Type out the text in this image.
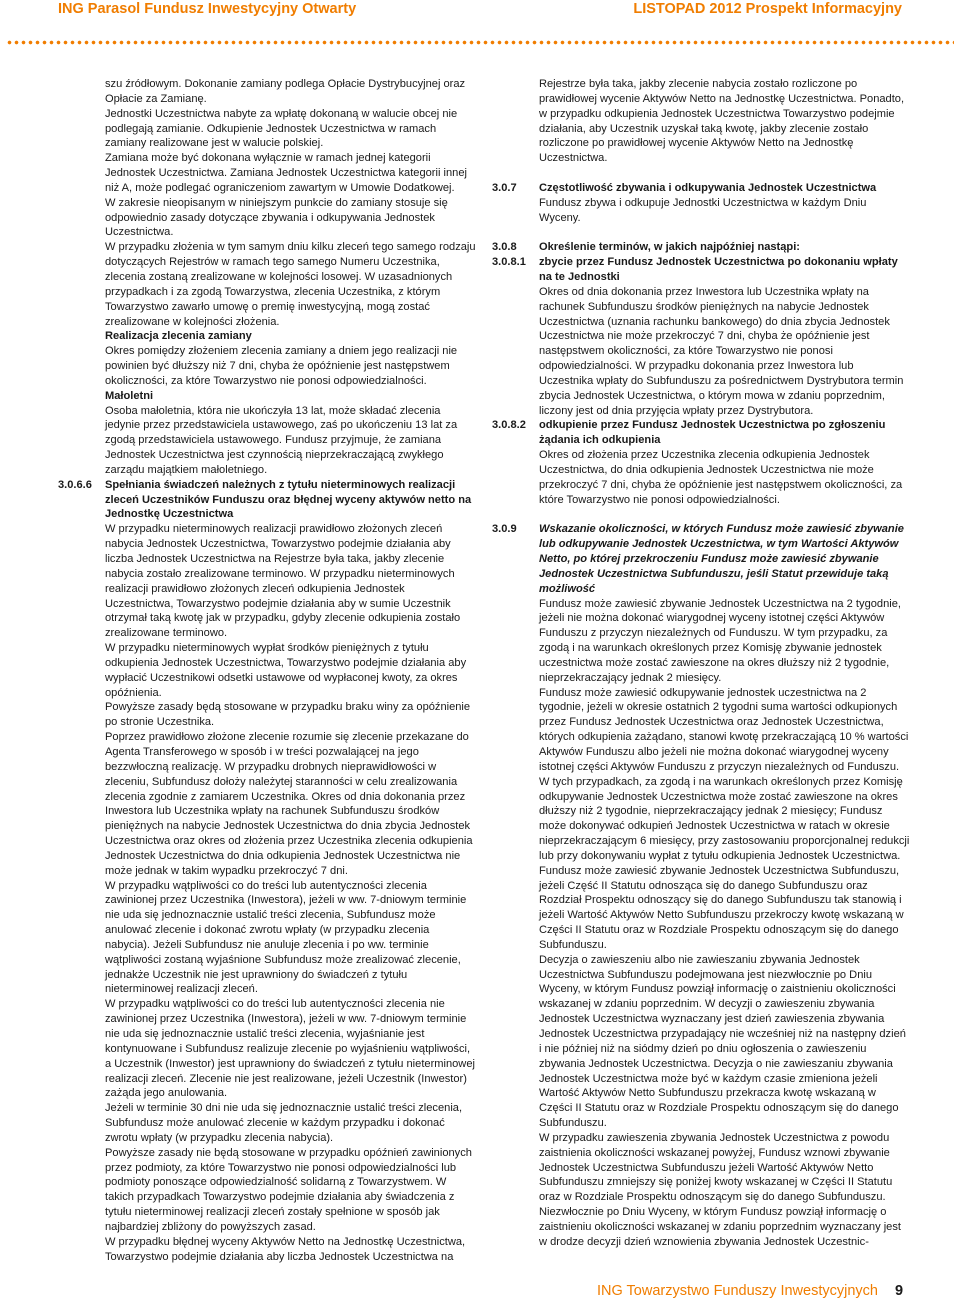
ING Parasol Fundusz Inwestycyjny Otwarty	LISTOPAD 2012 Prospekt Informacyjny
szu źródłowym. Dokonanie zamiany podlega Opłacie Dystrybucyjnej oraz Opłacie za Zamianę.
Jednostki Uczestnictwa nabyte za wpłatę dokonaną w walucie obcej nie podlegają zamianie. Odkupienie Jednostek Uczestnictwa w ramach zamiany realizowane jest w walucie polskiej.
Zamiana może być dokonana wyłącznie w ramach jednej kategorii Jednostek Uczestnictwa. Zamiana Jednostek Uczestnictwa kategorii innej niż A, może podlegać ograniczeniom zawartym w Umowie Dodatkowej.
W zakresie nieopisanym w niniejszym punkcie do zamiany stosuje się odpowiednio zasady dotyczące zbywania i odkupywania Jednostek Uczestnictwa.
W przypadku złożenia w tym samym dniu kilku zleceń tego samego rodzaju dotyczących Rejestrów w ramach tego samego Numeru Uczestnika, zlecenia zostaną zrealizowane w kolejności losowej. W uzasadnionych przypadkach i za zgodą Towarzystwa, zlecenia Uczestnika, z którym Towarzystwo zawarło umowę o premię inwestycyjną, mogą zostać zrealizowane w kolejności złożenia.
Realizacja zlecenia zamiany
Okres pomiędzy złożeniem zlecenia zamiany a dniem jego realizacji nie powinien być dłuższy niż 7 dni, chyba że opóźnienie jest następstwem okoliczności, za które Towarzystwo nie ponosi odpowiedzialności.
Małoletni
Osoba małoletnia, która nie ukończyła 13 lat, może składać zlecenia jedynie przez przedstawiciela ustawowego, zaś po ukończeniu 13 lat za zgodą przedstawiciela ustawowego. Fundusz przyjmuje, że zamiana Jednostek Uczestnictwa jest czynnością nieprzekraczającą zwykłego zarządu majątkiem małoletniego.
3.0.6.6 Spełniania świadczeń należnych z tytułu nieterminowych realizacji zleceń Uczestników Funduszu oraz błędnej wyceny aktywów netto na Jednostkę Uczestnictwa
W przypadku nieterminowych realizacji prawidłowo złożonych zleceń nabycia Jednostek Uczestnictwa, Towarzystwo podejmie działania aby liczba Jednostek Uczestnictwa na Rejestrze była taka, jakby zlecenie nabycia zostało zrealizowane terminowo. W przypadku nieterminowych realizacji prawidłowo złożonych zleceń odkupienia Jednostek Uczestnictwa, Towarzystwo podejmie działania aby w sumie Uczestnik otrzymał taką kwotę jak w przypadku, gdyby zlecenie odkupienia zostało zrealizowane terminowo.
W przypadku nieterminowych wypłat środków pieniężnych z tytułu odkupienia Jednostek Uczestnictwa, Towarzystwo podejmie działania aby wypłacić Uczestnikowi odsetki ustawowe od wypłaconej kwoty, za okres opóźnienia.
Powyższe zasady będą stosowane w przypadku braku winy za opóźnienie po stronie Uczestnika.
Poprzez prawidłowo złożone zlecenie rozumie się zlecenie przekazane do Agenta Transferowego w sposób i w treści pozwalającej na jego bezzwłoczną realizację. W przypadku drobnych nieprawidłowości w zleceniu, Subfundusz dołoży należytej staranności w celu zrealizowania zlecenia zgodnie z zamiarem Uczestnika. Okres od dnia dokonania przez Inwestora lub Uczestnika wpłaty na rachunek Subfunduszu środków pieniężnych na nabycie Jednostek Uczestnictwa do dnia zbycia Jednostek Uczestnictwa oraz okres od złożenia przez Uczestnika zlecenia odkupienia Jednostek Uczestnictwa do dnia odkupienia Jednostek Uczestnictwa nie może jednak w takim wypadku przekroczyć 7 dni.
W przypadku wątpliwości co do treści lub autentyczności zlecenia zawinionej przez Uczestnika (Inwestora), jeżeli w ww. 7-dniowym terminie nie uda się jednoznacznie ustalić treści zlecenia, Subfundusz może anulować zlecenie i dokonać zwrotu wpłaty (w przypadku zlecenia nabycia). Jeżeli Subfundusz nie anuluje zlecenia i po ww. terminie wątpliwości zostaną wyjaśnione Subfundusz może zrealizować zlecenie, jednakże Uczestnik nie jest uprawniony do świadczeń z tytułu nieterminowej realizacji zleceń.
W przypadku wątpliwości co do treści lub autentyczności zlecenia nie zawinionej przez Uczestnika (Inwestora), jeżeli w ww. 7-dniowym terminie nie uda się jednoznacznie ustalić treści zlecenia, wyjaśnianie jest kontynuowane i Subfundusz realizuje zlecenie po wyjaśnieniu wątpliwości, a Uczestnik (Inwestor) jest uprawniony do świadczeń z tytułu nieterminowej realizacji zleceń. Zlecenie nie jest realizowane, jeżeli Uczestnik (Inwestor) zażąda jego anulowania.
Jeżeli w terminie 30 dni nie uda się jednoznacznie ustalić treści zlecenia, Subfundusz może anulować zlecenie w każdym przypadku i dokonać zwrotu wpłaty (w przypadku zlecenia nabycia).
Powyższe zasady nie będą stosowane w przypadku opóźnień zawinionych przez podmioty, za które Towarzystwo nie ponosi odpowiedzialności lub podmioty ponoszące odpowiedzialność solidarną z Towarzystwem. W takich przypadkach Towarzystwo podejmie działania aby świadczenia z tytułu nieterminowej realizacji zleceń zostały spełnione w sposób jak najbardziej zbliżony do powyższych zasad.
W przypadku błędnej wyceny Aktywów Netto na Jednostkę Uczestnictwa, Towarzystwo podejmie działania aby liczba Jednostek Uczestnictwa na
Rejestrze była taka, jakby zlecenie nabycia zostało rozliczone po prawidłowej wycenie Aktywów Netto na Jednostkę Uczestnictwa. Ponadto, w przypadku odkupienia Jednostek Uczestnictwa Towarzystwo podejmie działania, aby Uczestnik uzyskał taką kwotę, jakby zlecenie zostało rozliczone po prawidłowej wycenie Aktywów Netto na Jednostkę Uczestnictwa.
3.0.7 Częstotliwość zbywania i odkupywania Jednostek Uczestnictwa
Fundusz zbywa i odkupuje Jednostki Uczestnictwa w każdym Dniu Wyceny.
3.0.8 Określenie terminów, w jakich najpóźniej nastąpi:
3.0.8.1 zbycie przez Fundusz Jednostek Uczestnictwa po dokonaniu wpłaty na te Jednostki
Okres od dnia dokonania przez Inwestora lub Uczestnika wpłaty na rachunek Subfunduszu środków pieniężnych na nabycie Jednostek Uczestnictwa (uznania rachunku bankowego) do dnia zbycia Jednostek Uczestnictwa nie może przekroczyć 7 dni, chyba że opóźnienie jest następstwem okoliczności, za które Towarzystwo nie ponosi odpowiedzialności. W przypadku dokonania przez Inwestora lub Uczestnika wpłaty do Subfunduszu za pośrednictwem Dystrybutora termin zbycia Jednostek Uczestnictwa, o którym mowa w zdaniu poprzednim, liczony jest od dnia przyjęcia wpłaty przez Dystrybutora.
3.0.8.2 odkupienie przez Fundusz Jednostek Uczestnictwa po zgłoszeniu żądania ich odkupienia
Okres od złożenia przez Uczestnika zlecenia odkupienia Jednostek Uczestnictwa, do dnia odkupienia Jednostek Uczestnictwa nie może przekroczyć 7 dni, chyba że opóźnienie jest następstwem okoliczności, za które Towarzystwo nie ponosi odpowiedzialności.
3.0.9 Wskazanie okoliczności, w których Fundusz może zawiesić zbywanie lub odkupywanie Jednostek Uczestnictwa, w tym Wartości Aktywów Netto, po której przekroczeniu Fundusz może zawiesić zbywanie Jednostek Uczestnictwa Subfunduszu, jeśli Statut przewiduje taką możliwość
Fundusz może zawiesić zbywanie Jednostek Uczestnictwa na 2 tygodnie, jeżeli nie można dokonać wiarygodnej wyceny istotnej części Aktywów Funduszu z przyczyn niezależnych od Funduszu. W tym przypadku, za zgodą i na warunkach określonych przez Komisję zbywanie jednostek uczestnictwa może zostać zawieszone na okres dłuższy niż 2 tygodnie, nieprzekraczający jednak 2 miesięcy.
Fundusz może zawiesić odkupywanie jednostek uczestnictwa na 2 tygodnie, jeżeli w okresie ostatnich 2 tygodni suma wartości odkupionych przez Fundusz Jednostek Uczestnictwa oraz Jednostek Uczestnictwa, których odkupienia zażądano, stanowi kwotę przekraczającą 10 % wartości Aktywów Funduszu albo jeżeli nie można dokonać wiarygodnej wyceny istotnej części Aktywów Funduszu z przyczyn niezależnych od Funduszu. W tych przypadkach, za zgodą i na warunkach określonych przez Komisję odkupywanie Jednostek Uczestnictwa może zostać zawieszone na okres dłuższy niż 2 tygodnie, nieprzekraczający jednak 2 miesięcy; Fundusz może dokonywać odkupień Jednostek Uczestnictwa w ratach w okresie nieprzekraczającym 6 miesięcy, przy zastosowaniu proporcjonalnej redukcji lub przy dokonywaniu wypłat z tytułu odkupienia Jednostek Uczestnictwa.
Fundusz może zawiesić zbywanie Jednostek Uczestnictwa Subfunduszu, jeżeli Część II Statutu odnosząca się do danego Subfunduszu oraz Rozdział Prospektu odnoszący się do danego Subfunduszu tak stanowią i jeżeli Wartość Aktywów Netto Subfunduszu przekroczy kwotę wskazaną w Części II Statutu oraz w Rozdziale Prospektu odnoszącym się do danego Subfunduszu.
Decyzja o zawieszeniu albo nie zawieszaniu zbywania Jednostek Uczestnictwa Subfunduszu podejmowana jest niezwłocznie po Dniu Wyceny, w którym Fundusz powziął informację o zaistnieniu okoliczności wskazanej w zdaniu poprzednim. W decyzji o zawieszeniu zbywania Jednostek Uczestnictwa wyznaczany jest dzień zawieszenia zbywania Jednostek Uczestnictwa przypadający nie wcześniej niż na następny dzień i nie później niż na siódmy dzień po dniu ogłoszenia o zawieszeniu zbywania Jednostek Uczestnictwa. Decyzja o nie zawieszaniu zbywania Jednostek Uczestnictwa może być w każdym czasie zmieniona jeżeli Wartość Aktywów Netto Subfunduszu przekracza kwotę wskazaną w Części II Statutu oraz w Rozdziale Prospektu odnoszącym się do danego Subfunduszu.
W przypadku zawieszenia zbywania Jednostek Uczestnictwa z powodu zaistnienia okoliczności wskazanej powyżej, Fundusz wznowi zbywanie Jednostek Uczestnictwa Subfunduszu jeżeli Wartość Aktywów Netto Subfunduszu zmniejszy się poniżej kwoty wskazanej w Części II Statutu oraz w Rozdziale Prospektu odnoszącym się do danego Subfunduszu. Niezwłocznie po Dniu Wyceny, w którym Fundusz powziął informację o zaistnieniu okoliczności wskazanej w zdaniu poprzednim wyznaczany jest w drodze decyzji dzień wznowienia zbywania Jednostek Uczestnic-
ING Towarzystwo Funduszy Inwestycyjnych 9
